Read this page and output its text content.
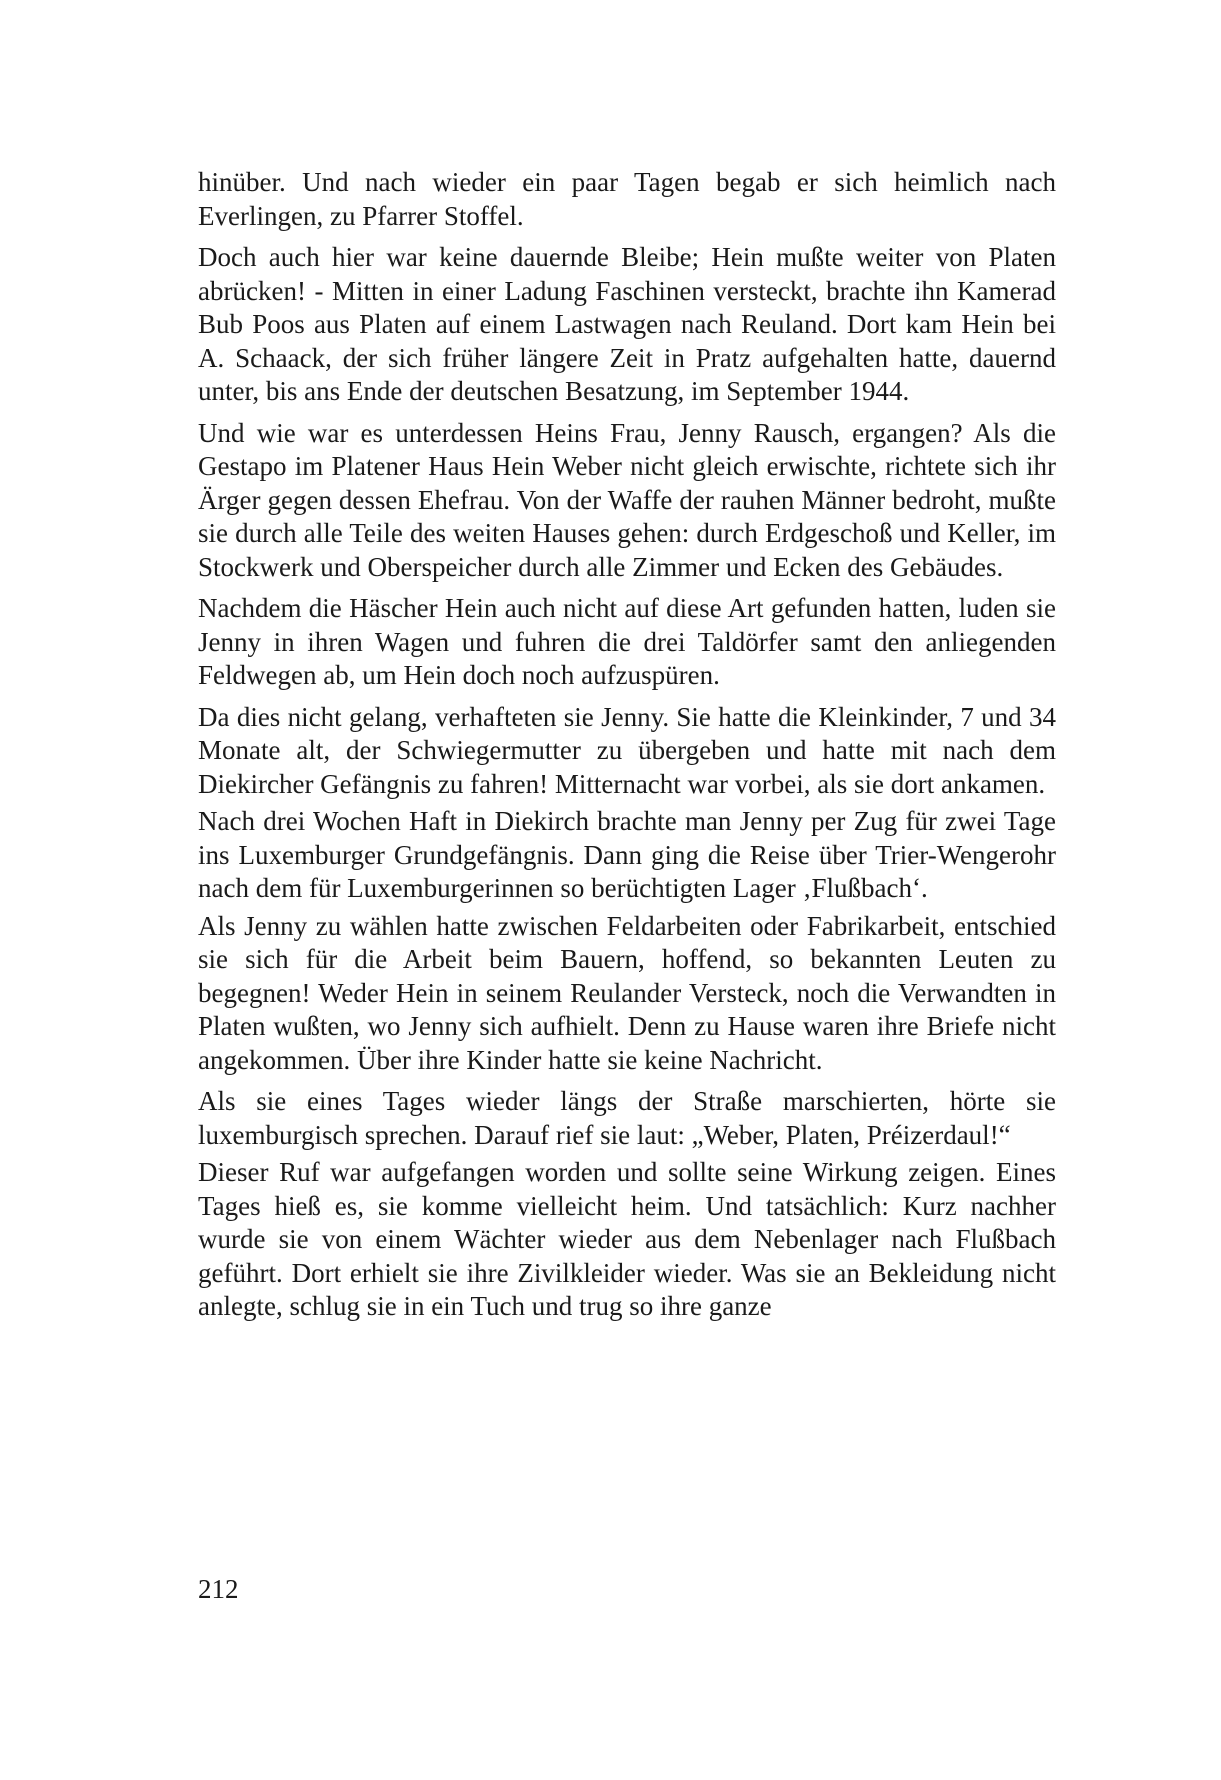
hinüber. Und nach wieder ein paar Tagen begab er sich heimlich nach Everlingen, zu Pfarrer Stoffel.

Doch auch hier war keine dauernde Bleibe; Hein mußte weiter von Platen abrücken! - Mitten in einer Ladung Faschinen versteckt, brachte ihn Kamerad Bub Poos aus Platen auf einem Lastwagen nach Reuland. Dort kam Hein bei A. Schaack, der sich früher längere Zeit in Pratz aufgehalten hatte, dauernd unter, bis ans Ende der deutschen Besatzung, im September 1944.

Und wie war es unterdessen Heins Frau, Jenny Rausch, ergangen? Als die Gestapo im Platener Haus Hein Weber nicht gleich erwischte, richtete sich ihr Ärger gegen dessen Ehefrau. Von der Waffe der rauhen Männer bedroht, mußte sie durch alle Teile des weiten Hauses gehen: durch Erdgeschoß und Keller, im Stockwerk und Oberspeicher durch alle Zimmer und Ecken des Gebäudes.

Nachdem die Häscher Hein auch nicht auf diese Art gefunden hatten, luden sie Jenny in ihren Wagen und fuhren die drei Taldörfer samt den anliegenden Feldwegen ab, um Hein doch noch aufzuspüren.

Da dies nicht gelang, verhafteten sie Jenny. Sie hatte die Kleinkinder, 7 und 34 Monate alt, der Schwiegermutter zu übergeben und hatte mit nach dem Diekircher Gefängnis zu fahren! Mitternacht war vorbei, als sie dort ankamen.

Nach drei Wochen Haft in Diekirch brachte man Jenny per Zug für zwei Tage ins Luxemburger Grundgefängnis. Dann ging die Reise über Trier-Wengerohr nach dem für Luxemburgerinnen so berüchtigten Lager ‚Flußbach‘.

Als Jenny zu wählen hatte zwischen Feldarbeiten oder Fabrikarbeit, entschied sie sich für die Arbeit beim Bauern, hoffend, so bekannten Leuten zu begegnen! Weder Hein in seinem Reulander Versteck, noch die Verwandten in Platen wußten, wo Jenny sich aufhielt. Denn zu Hause waren ihre Briefe nicht angekommen. Über ihre Kinder hatte sie keine Nachricht.

Als sie eines Tages wieder längs der Straße marschierten, hörte sie luxemburgisch sprechen. Darauf rief sie laut: „Weber, Platen, Préizerdaul!“

Dieser Ruf war aufgefangen worden und sollte seine Wirkung zeigen. Eines Tages hieß es, sie komme vielleicht heim. Und tatsächlich: Kurz nachher wurde sie von einem Wächter wieder aus dem Nebenlager nach Flußbach geführt. Dort erhielt sie ihre Zivilkleider wieder. Was sie an Bekleidung nicht anlegte, schlug sie in ein Tuch und trug so ihre ganze

212
